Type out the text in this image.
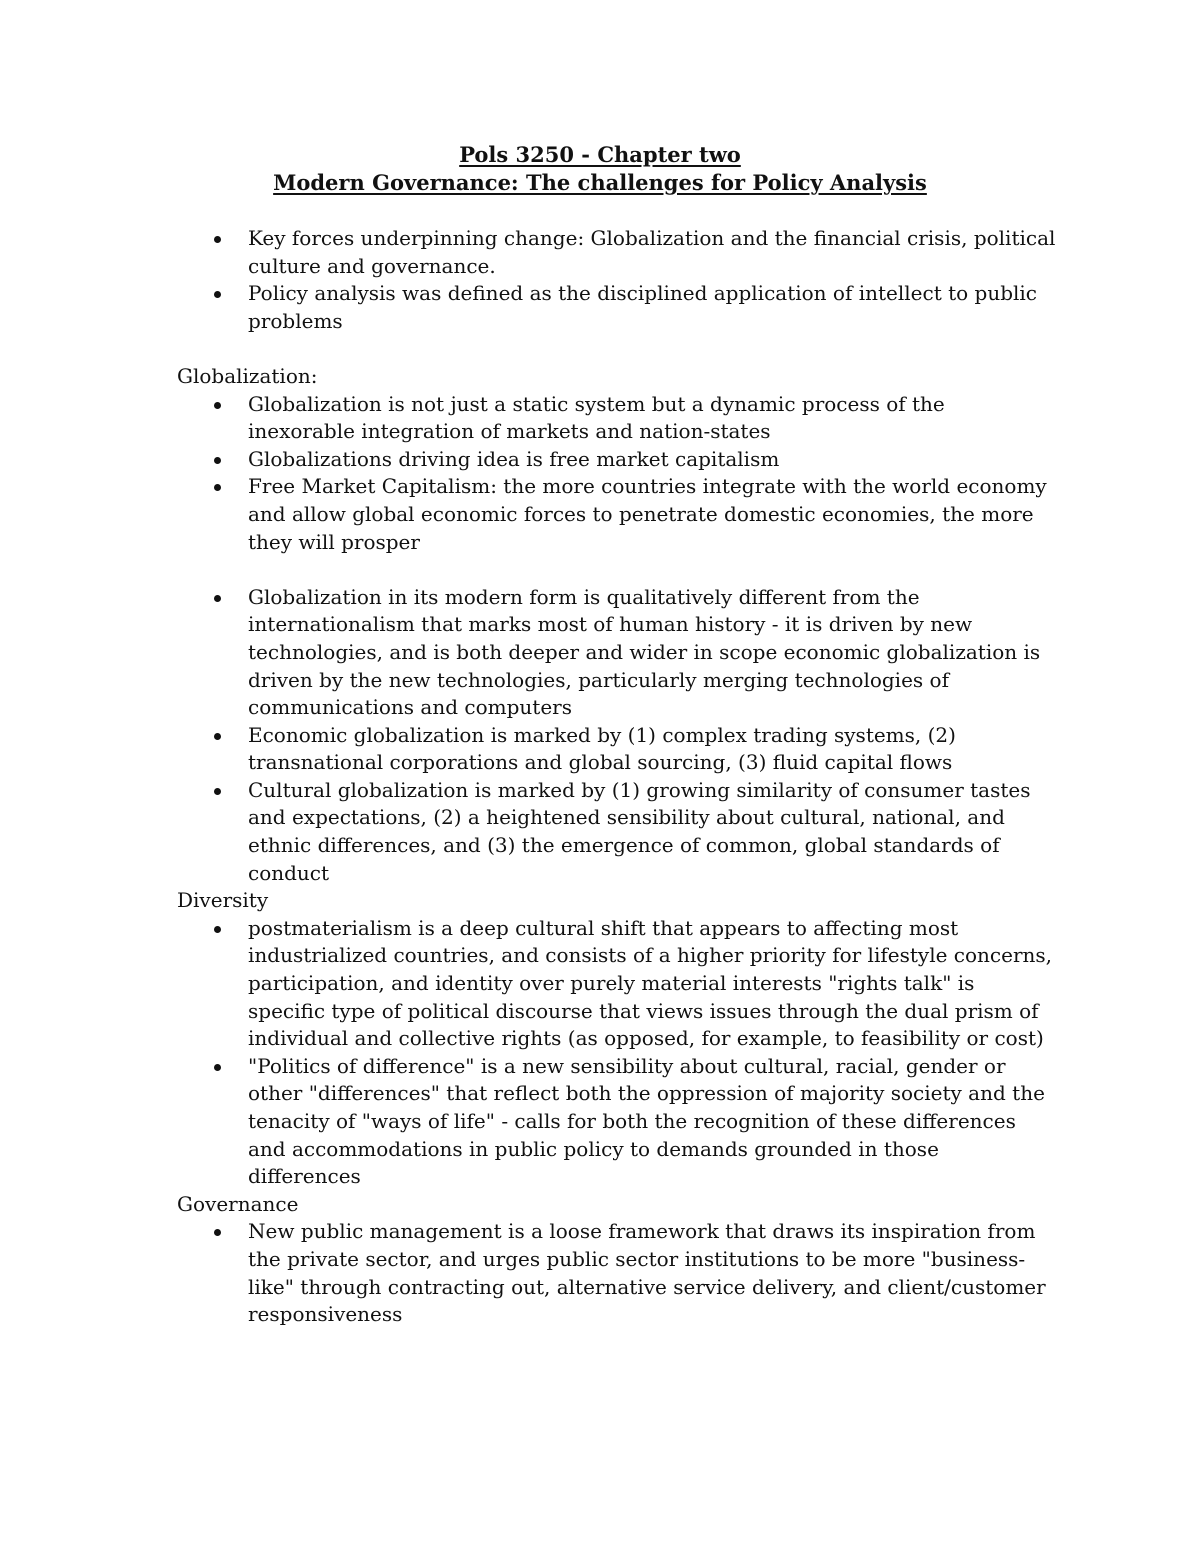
Pols 3250 - Chapter two
Modern Governance: The challenges for Policy Analysis
Key forces underpinning change: Globalization and the financial crisis, political culture and governance.
Policy analysis was defined as the disciplined application of intellect to public problems
Globalization:
Globalization is not just a static system but a dynamic process of the inexorable integration of markets and nation-states
Globalizations driving idea is free market capitalism
Free Market Capitalism: the more countries integrate with the world economy and allow global economic forces to penetrate domestic economies, the more they will prosper
Globalization in its modern form is qualitatively different from the internationalism that marks most of human history - it is driven by new technologies, and is both deeper and wider in scope economic globalization is driven by the new technologies, particularly merging technologies of communications and computers
Economic globalization is marked by (1) complex trading systems, (2) transnational corporations and global sourcing, (3) fluid capital flows
Cultural globalization is marked by (1) growing similarity of consumer tastes and expectations, (2) a heightened sensibility about cultural, national, and ethnic differences, and (3) the emergence of common, global standards of conduct
Diversity
postmaterialism is a deep cultural shift that appears to affecting most industrialized countries, and consists of a higher priority for lifestyle concerns, participation, and identity over purely material interests "rights talk" is specific type of political discourse that views issues through the dual prism of individual and collective rights (as opposed, for example, to feasibility or cost)
"Politics of difference" is a new sensibility about cultural, racial, gender or other "differences" that reflect both the oppression of majority society and the tenacity of "ways of life" - calls for both the recognition of these differences and accommodations in public policy to demands grounded in those differences
Governance
New public management is a loose framework that draws its inspiration from the private sector, and urges public sector institutions to be more "business-like" through contracting out, alternative service delivery, and client/customer responsiveness
